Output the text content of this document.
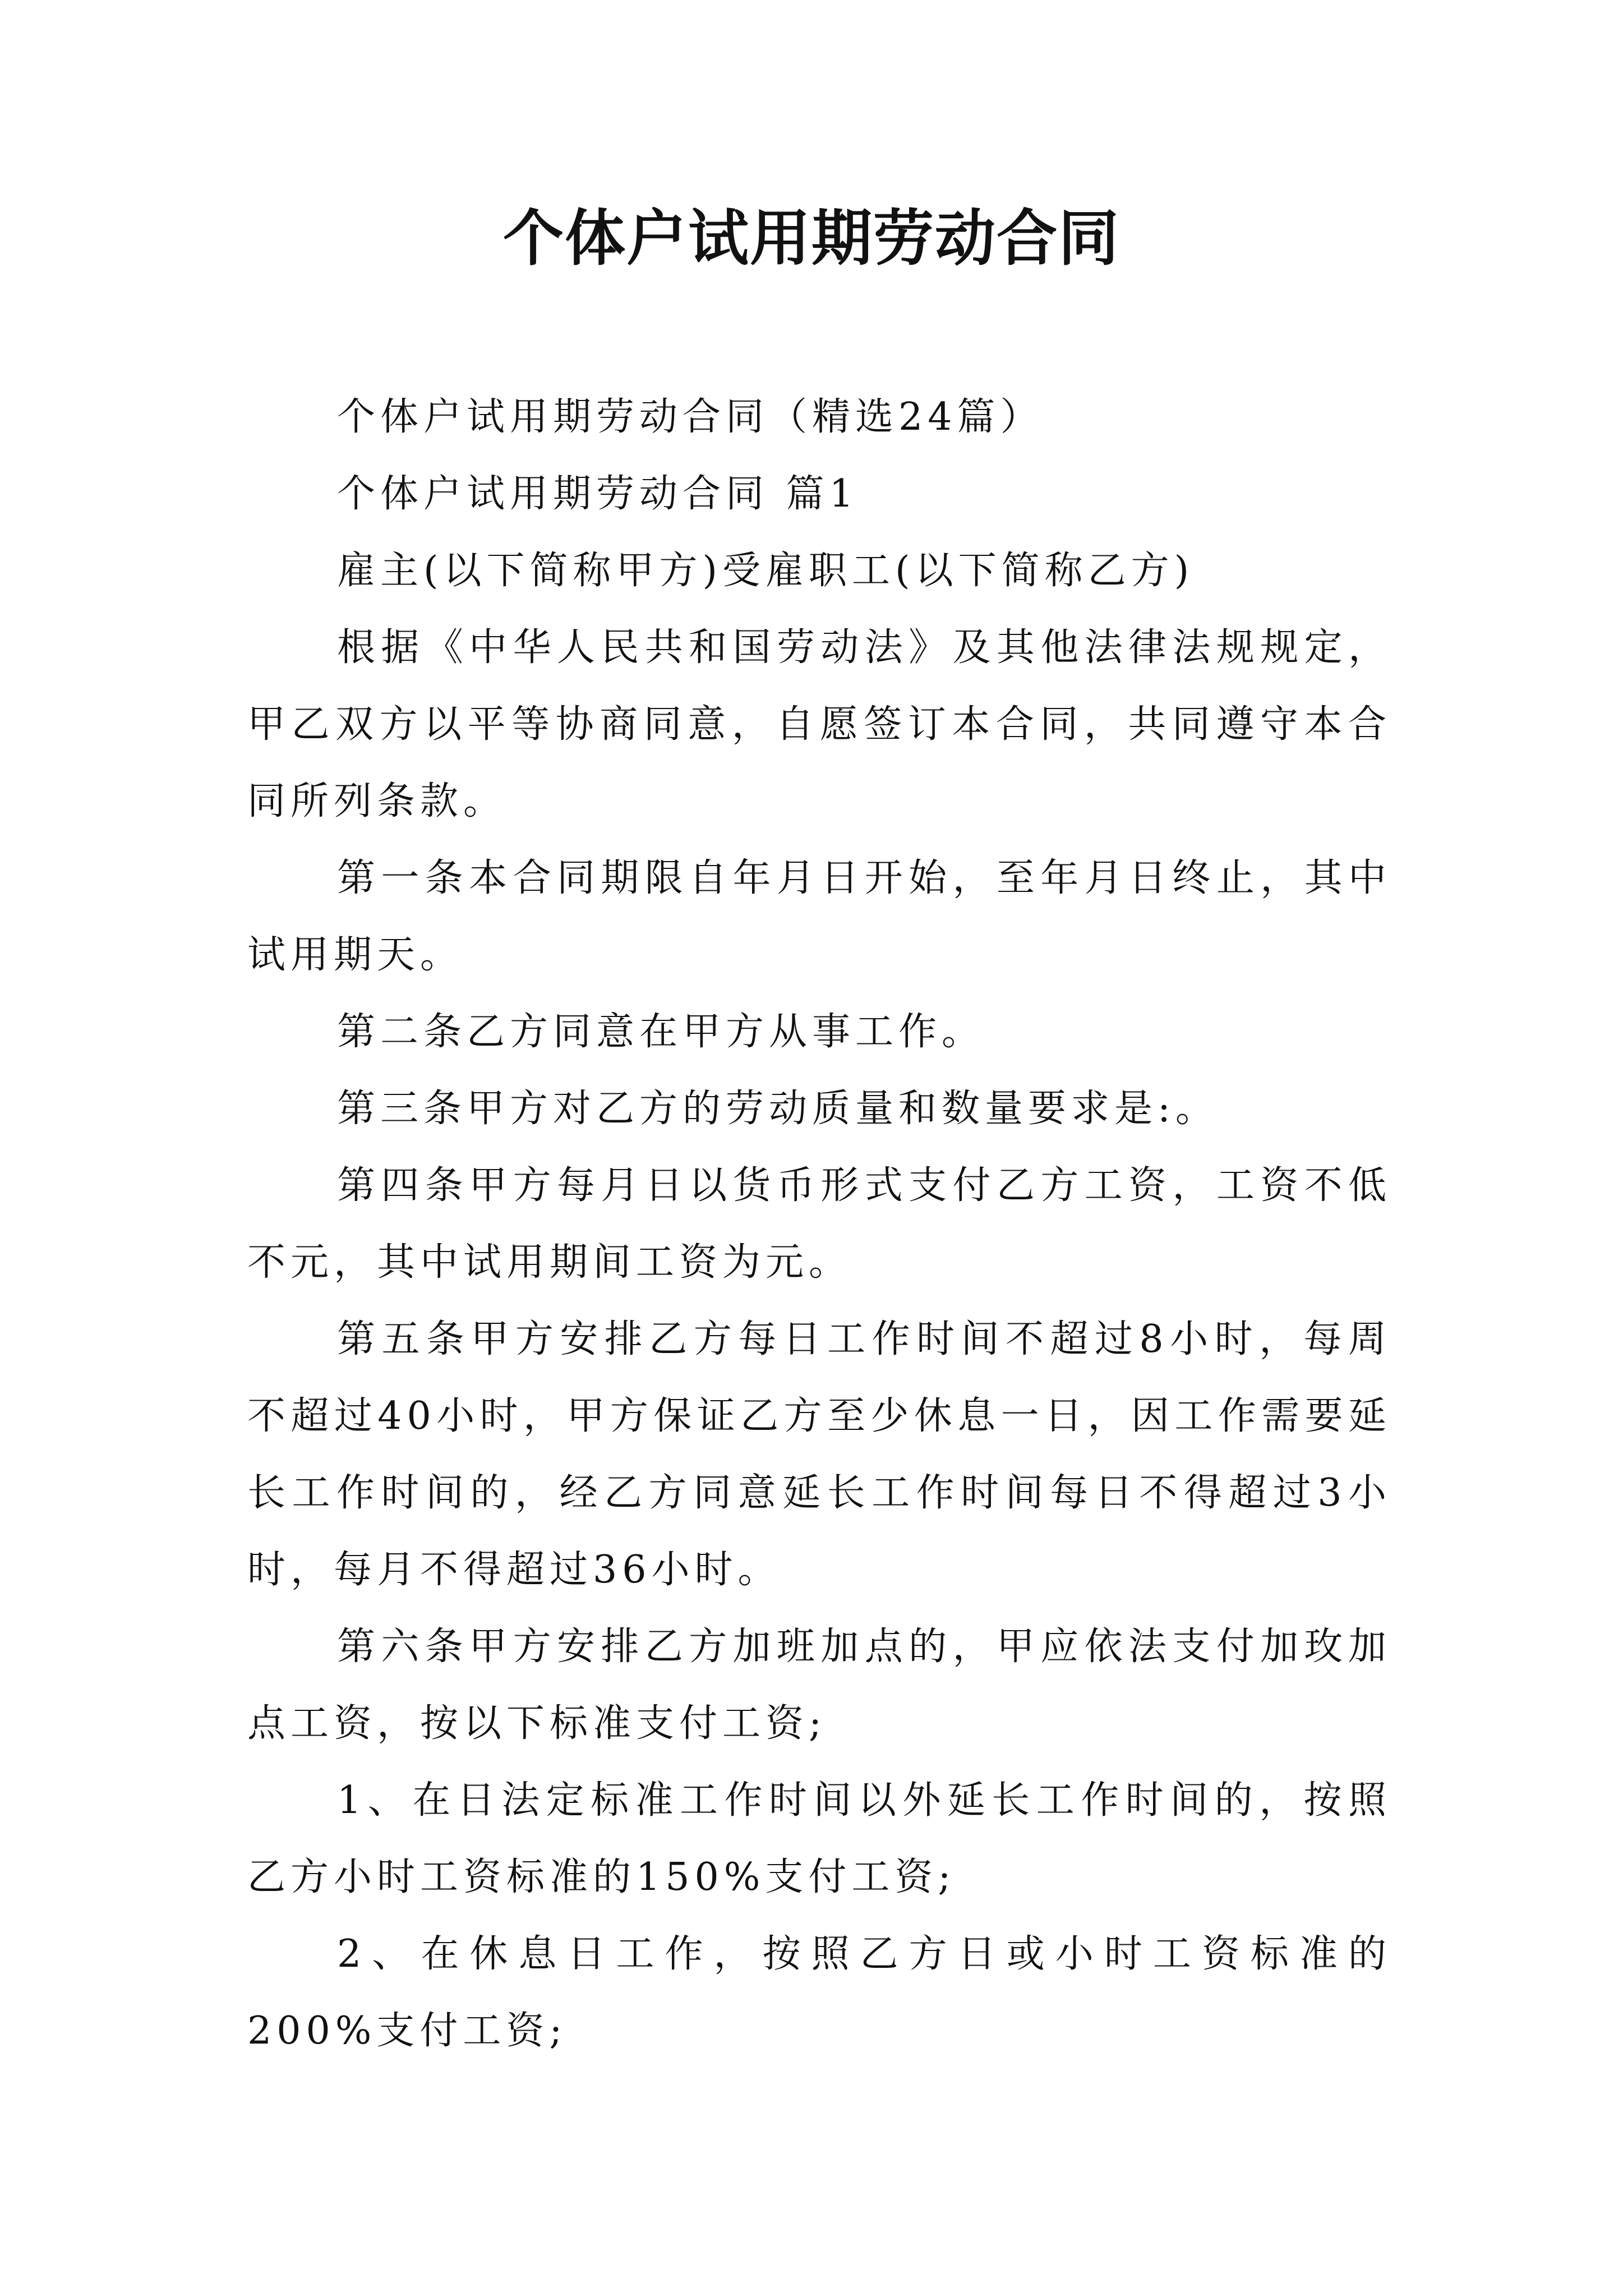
个体户试用期劳动合同

个体户试用期劳动合同（精选24篇）

个体户试用期劳动合同 篇1

雇主(以下简称甲方)受雇职工(以下简称乙方)

根据《中华人民共和国劳动法》及其他法律法规规定，甲乙双方以平等协商同意，自愿签订本合同，共同遵守本合同所列条款。

第一条本合同期限自年月日开始，至年月日终止，其中试用期天。

第二条乙方同意在甲方从事工作。

第三条甲方对乙方的劳动质量和数量要求是:。

第四条甲方每月日以货币形式支付乙方工资，工资不低不元，其中试用期间工资为元。

第五条甲方安排乙方每日工作时间不超过8小时，每周不超过40小时，甲方保证乙方至少休息一日，因工作需要延长工作时间的，经乙方同意延长工作时间每日不得超过3小时，每月不得超过36小时。

第六条甲方安排乙方加班加点的，甲应依法支付加玫加点工资，按以下标准支付工资;

1、在日法定标准工作时间以外延长工作时间的，按照乙方小时工资标准的150%支付工资;

2、在休息日工作，按照乙方日或小时工资标准的200%支付工资;
